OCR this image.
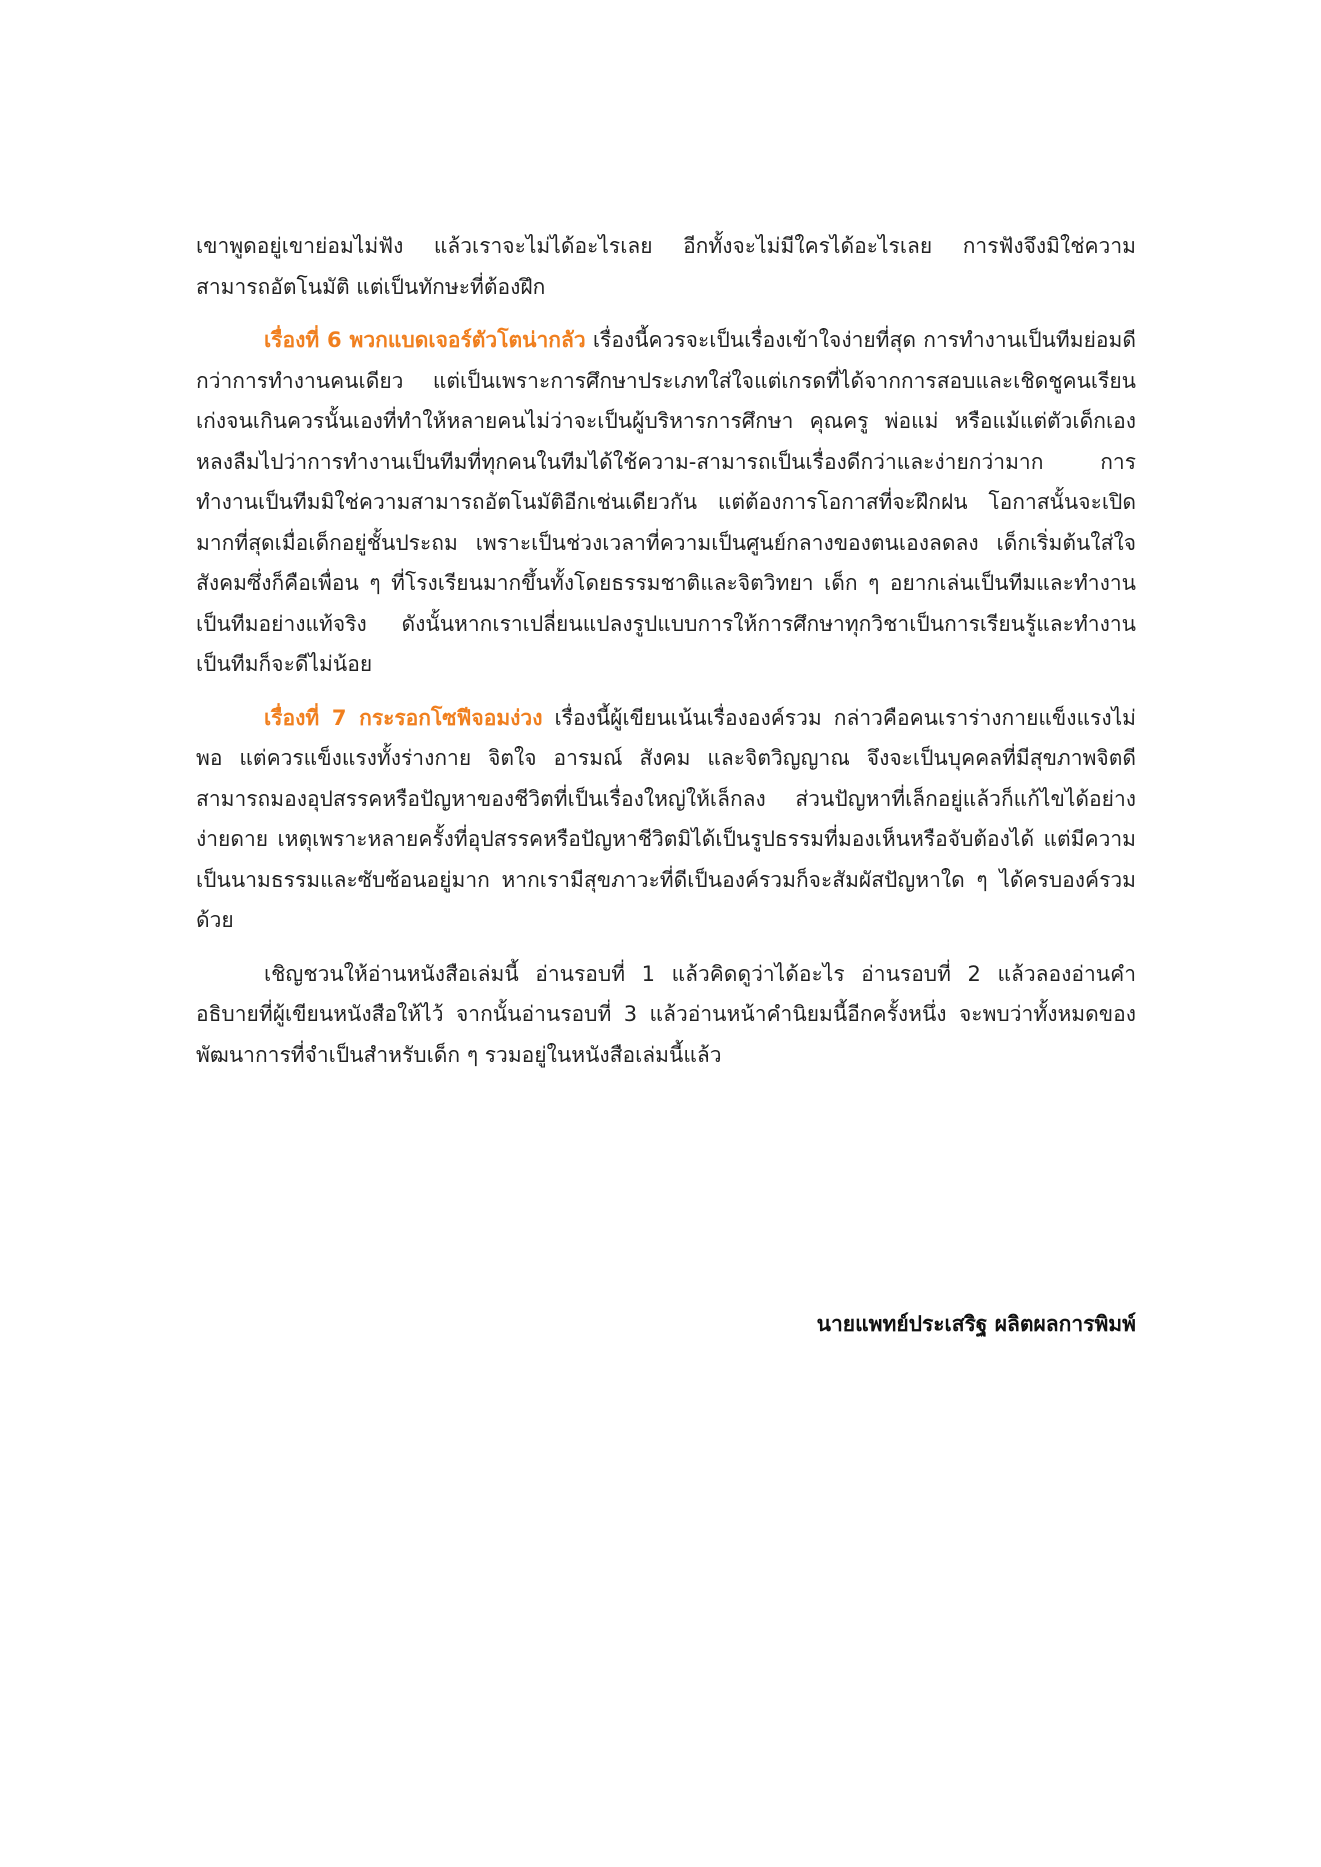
เขาพูดอยู่เขาย่อมไม่ฟัง แล้วเราจะไม่ได้อะไรเลย อีกทั้งจะไม่มีใครได้อะไรเลย การฟังจึงมิใช่ความสามารถอัตโนมัติ แต่เป็นทักษะที่ต้องฝึก

เรื่องที่ 6 พวกแบดเจอร์ตัวโตน่ากลัว เรื่องนี้ควรจะเป็นเรื่องเข้าใจง่ายที่สุด การทำงานเป็นทีมย่อมดีกว่าการทำงานคนเดียว แต่เป็นเพราะการศึกษาประเภทใส่ใจแต่เกรดที่ได้จากการสอบและเชิดชูคนเรียนเก่งจนเกินควรนั้นเองที่ทำให้หลายคนไม่ว่าจะเป็นผู้บริหารการศึกษา คุณครู พ่อแม่ หรือแม้แต่ตัวเด็กเองหลงลืมไปว่าการทำงานเป็นทีมที่ทุกคนในทีมได้ใช้ความ-สามารถเป็นเรื่องดีกว่าและง่ายกว่ามาก การทำงานเป็นทีมมิใช่ความสามารถอัตโนมัติอีกเช่นเดียวกัน แต่ต้องการโอกาสที่จะฝึกฝน โอกาสนั้นจะเปิดมากที่สุดเมื่อเด็กอยู่ชั้นประถม เพราะเป็นช่วงเวลาที่ความเป็นศูนย์กลางของตนเองลดลง เด็กเริ่มต้นใส่ใจสังคมซึ่งก็คือเพื่อน ๆ ที่โรงเรียนมากขึ้นทั้งโดยธรรมชาติและจิตวิทยา เด็ก ๆ อยากเล่นเป็นทีมและทำงานเป็นทีมอย่างแท้จริง ดังนั้นหากเราเปลี่ยนแปลงรูปแบบการให้การศึกษาทุกวิชาเป็นการเรียนรู้และทำงานเป็นทีมก็จะดีไม่น้อย

เรื่องที่ 7 กระรอกโซฟีจอมง่วง เรื่องนี้ผู้เขียนเน้นเรื่ององค์รวม กล่าวคือคนเราร่างกายแข็งแรงไม่พอ แต่ควรแข็งแรงทั้งร่างกาย จิตใจ อารมณ์ สังคม และจิตวิญญาณ จึงจะเป็นบุคคลที่มีสุขภาพจิตดี สามารถมองอุปสรรคหรือปัญหาของชีวิตที่เป็นเรื่องใหญ่ให้เล็กลง ส่วนปัญหาที่เล็กอยู่แล้วก็แก้ไขได้อย่างง่ายดาย เหตุเพราะหลายครั้งที่อุปสรรคหรือปัญหาชีวิตมิได้เป็นรูปธรรมที่มองเห็นหรือจับต้องได้ แต่มีความเป็นนามธรรมและซับซ้อนอยู่มาก หากเรามีสุขภาวะที่ดีเป็นองค์รวมก็จะสัมผัสปัญหาใด ๆ ได้ครบองค์รวมด้วย

เชิญชวนให้อ่านหนังสือเล่มนี้ อ่านรอบที่ 1 แล้วคิดดูว่าได้อะไร อ่านรอบที่ 2 แล้วลองอ่านคำอธิบายที่ผู้เขียนหนังสือให้ไว้ จากนั้นอ่านรอบที่ 3 แล้วอ่านหน้าคำนิยมนี้อีกครั้งหนึ่ง จะพบว่าทั้งหมดของพัฒนาการที่จำเป็นสำหรับเด็ก ๆ รวมอยู่ในหนังสือเล่มนี้แล้ว

นายแพทย์ประเสริฐ ผลิตผลการพิมพ์
